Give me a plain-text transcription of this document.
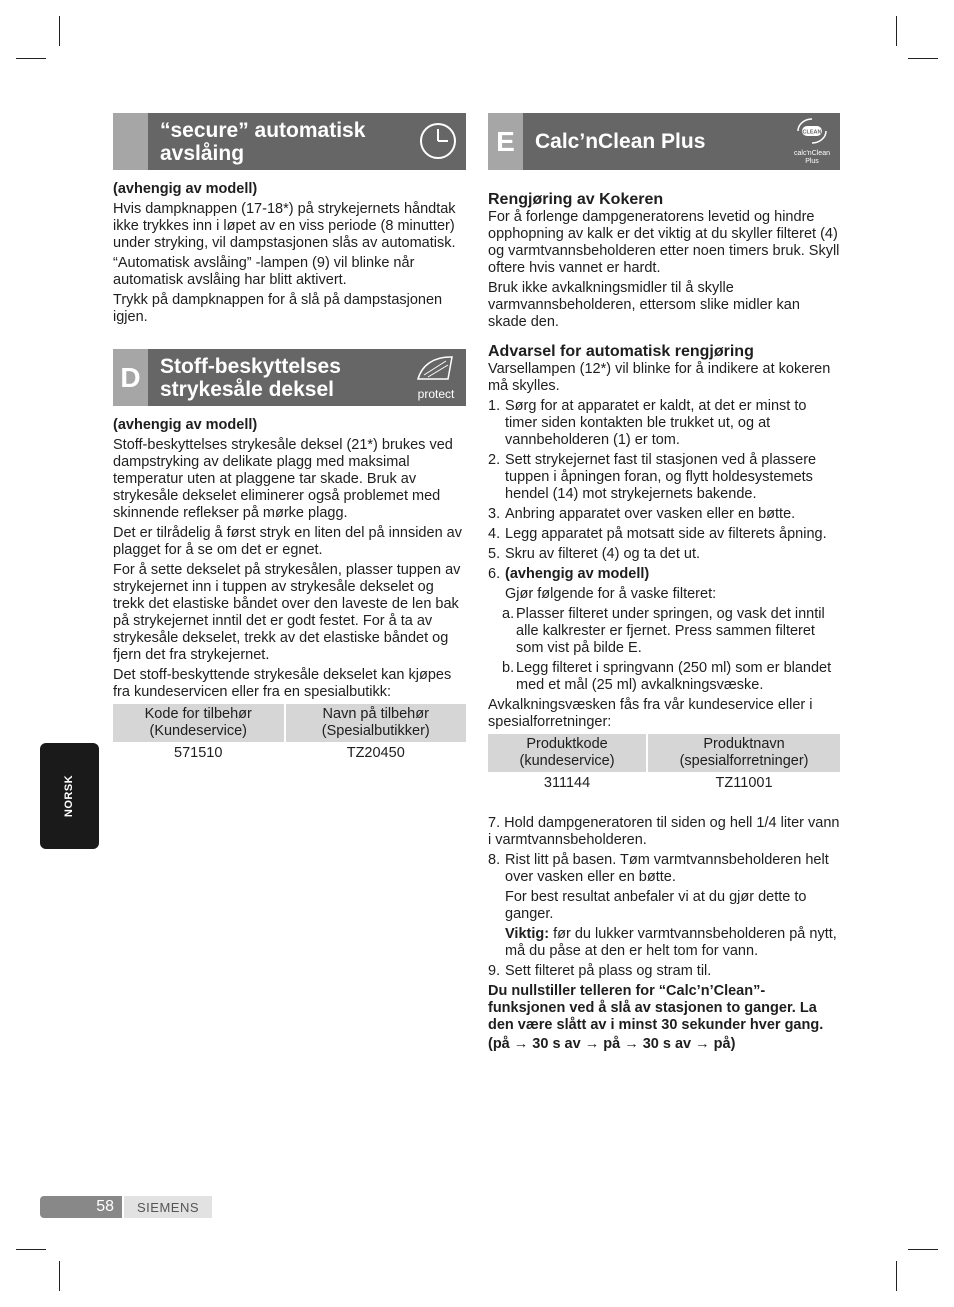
“secure” automatisk
avslåing

(avhengig av modell)

Hvis dampknappen (17-18*) på strykejernets håndtak ikke trykkes inn i løpet av en viss periode (8 minutter) under stryking, vil dampstasjonen slås av automatisk.

“Automatisk avslåing” -lampen (9) vil blinke når automatisk avslåing har blitt aktivert.

Trykk på dampknappen for å slå på dampstasjonen igjen.

D Stoff-beskyttelses
strykesåle deksel	protect

(avhengig av modell)

Stoff-beskyttelses strykesåle deksel (21*) brukes ved dampstryking av delikate plagg med maksimal temperatur uten at plaggene tar skade. Bruk av strykesåle dekselet eliminerer også problemet med skinnende reflekser på mørke plagg.

Det er tilrådelig å først stryk en liten del på innsiden av plagget for å se om det er egnet.

For å sette dekselet på strykesålen, plasser tuppen av strykejernet inn i tuppen av strykesåle dekselet og trekk det elastiske båndet over den laveste de len bak på strykejernet inntil det er godt festet. For å ta av strykesåle dekselet, trekk av det elastiske båndet og fjern det fra strykejernet.

Det stoff-beskyttende strykesåle dekselet kan kjøpes fra kundeservicen eller fra en spesialbutikk:

Kode for tilbehør (Kundeservice)	Navn på tilbehør (Spesialbutikker)
571510	TZ20450
E Calc’nClean Plus	CLEAN
calc'nClean
Plus
Rengjøring av Kokeren

For å forlenge dampgeneratorens levetid og hindre opphopning av kalk er det viktig at du skyller filteret (4) og varmtvannsbeholderen etter noen timers bruk. Skyll oftere hvis vannet er hardt.

Bruk ikke avkalkningsmidler til å skylle varmvannsbeholderen, ettersom slike midler kan skade den.

Advarsel for automatisk rengjøring

Varsellampen (12*) vil blinke for å indikere at kokeren må skylles.

1. Sørg for at apparatet er kaldt, at det er minst to timer siden kontakten ble trukket ut, og at vannbeholderen (1) er tom.
2. Sett strykejernet fast til stasjonen ved å plassere tuppen i åpningen foran, og flytt holdesystemets hendel (14) mot strykejernets bakende.
3. Anbring apparatet over vasken eller en bøtte.
4. Legg apparatet på motsatt side av filterets åpning.
5. Skru av filteret (4) og ta det ut.
6. (avhengig av modell)
Gjør følgende for å vaske filteret:
a. Plasser filteret under springen, og vask det inntil alle kalkrester er fjernet. Press sammen filteret som vist på bilde E.
b. Legg filteret i springvann (250 ml) som er blandet med et mål (25 ml) avkalkningsvæske.

Avkalkningsvæsken fås fra vår kundeservice eller i spesialforretninger:

Produktkode (kundeservice)	Produktnavn (spesialforretninger)
311144	TZ11001

7. Hold dampgeneratoren til siden og hell 1/4 liter vann i varmtvannsbeholderen.

8. Rist litt på basen. Tøm varmtvannsbeholderen helt over vasken eller en bøtte.
For best resultat anbefaler vi at du gjør dette to ganger.
Viktig: før du lukker varmtvannsbeholderen på nytt, må du påse at den er helt tom for vann.
9. Sett filteret på plass og stram til.

Du nullstiller telleren for “Calc’n’Clean”-funksjonen ved å slå av stasjonen to ganger. La den være slått av i minst 30 sekunder hver gang.

(på → 30 s av → på → 30 s av → på)

NORSK
58	SIEMENS
